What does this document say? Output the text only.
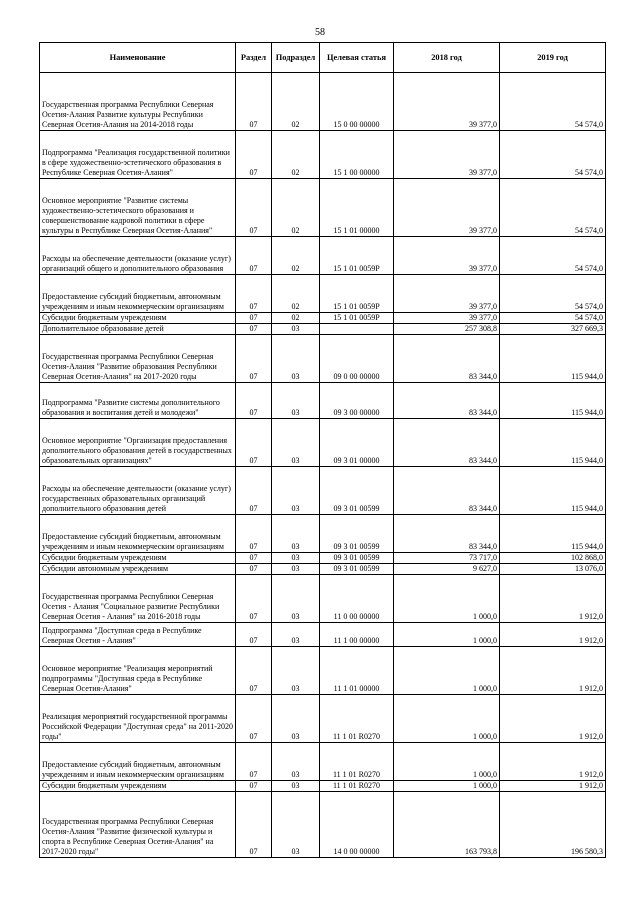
58
Наименование	Раздел	Подраздел	Целевая статья	2018 год	2019 год
Государственная программа Республики Северная Осетия-Алания Развитие культуры Республики Северная Осетия-Алания на 2014-2018 годы	07	02	15 0 00 00000	39 377,0	54 574,0
Подпрограмма "Реализация государственной политики в сфере художественно-эстетического образования в Республике Северная Осетия-Алания"	07	02	15 1 00 00000	39 377,0	54 574,0
Основное мероприятие "Развитие системы художественно-эстетического образования и совершенствование кадровой политики в сфере культуры в Республике Северная Осетия-Алания"	07	02	15 1 01 00000	39 377,0	54 574,0
Расходы на обеспечение деятельности (оказание услуг) организаций общего и дополнительного образования	07	02	15 1 01 0059Р	39 377,0	54 574,0
Предоставление субсидий бюджетным, автономным учреждениям и иным некоммерческим организациям	07	02	15 1 01 0059Р	39 377,0	54 574,0
Субсидии бюджетным учреждениям	07	02	15 1 01 0059Р	39 377,0	54 574,0
Дополнительное образование детей	07	03		257 308,8	327 669,3
Государственная программа Республики Северная Осетия-Алания "Развитие образования Республики Северная Осетия-Алания" на 2017-2020 годы	07	03	09 0 00 00000	83 344,0	115 944,0
Подпрограмма "Развитие системы дополнительного образования и воспитания детей и молодежи"	07	03	09 3 00 00000	83 344,0	115 944,0
Основное мероприятие "Организация предоставления дополнительного образования детей в государственных образовательных организациях"	07	03	09 3 01 00000	83 344,0	115 944,0
Расходы на обеспечение деятельности (оказание услуг) государственных образовательных организаций дополнительного образования детей	07	03	09 3 01 00599	83 344,0	115 944,0
Предоставление субсидий бюджетным, автономным учреждениям и иным некоммерческим организациям	07	03	09 3 01 00599	83 344,0	115 944,0
Субсидии бюджетным учреждениям	07	03	09 3 01 00599	73 717,0	102 868,0
Субсидии автономным учреждениям	07	03	09 3 01 00599	9 627,0	13 076,0
Государственная программа Республики Северная Осетия - Алания "Социальное развитие Республики Северная Осетия - Алания" на 2016-2018 годы	07	03	11 0 00 00000	1 000,0	1 912,0
Подпрограмма "Доступная среда в Республике Северная Осетия - Алания"	07	03	11 1 00 00000	1 000,0	1 912,0
Основное мероприятие "Реализация мероприятий подпрограммы "Доступная среда в Республике Северная Осетия-Алания"	07	03	11 1 01 00000	1 000,0	1 912,0
Реализация мероприятий государственной программы Российской Федерации "Доступная среда" на 2011-2020 годы"	07	03	11 1 01 R0270	1 000,0	1 912,0
Предоставление субсидий бюджетным, автономным учреждениям и иным некоммерческим организациям	07	03	11 1 01 R0270	1 000,0	1 912,0
Субсидии бюджетным учреждениям	07	03	11 1 01 R0270	1 000,0	1 912,0
Государственная программа Республики Северная Осетия-Алания "Развитие физической культуры и спорта в Республике Северная Осетия-Алания" на 2017-2020 годы"	07	03	14 0 00 00000	163 793,8	196 580,3
